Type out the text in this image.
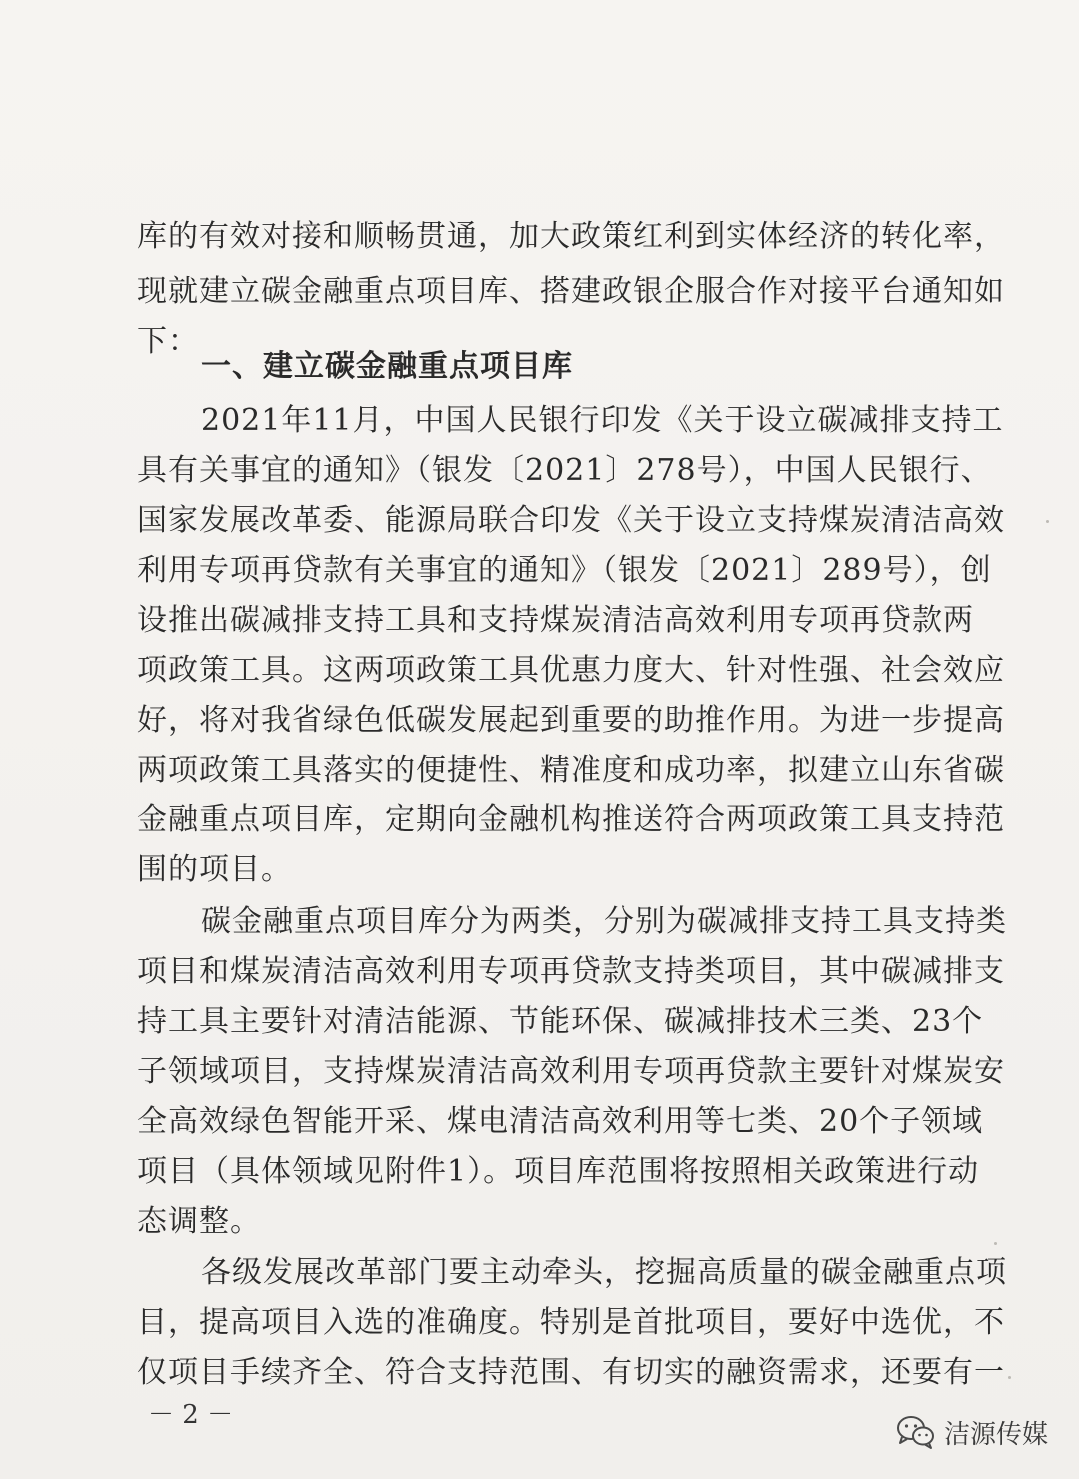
库的有效对接和顺畅贯通，加大政策红利到实体经济的转化率，
现就建立碳金融重点项目库、搭建政银企服合作对接平台通知如
下：
一、建立碳金融重点项目库
2021年11月，中国人民银行印发《关于设立碳减排支持工
具有关事宜的通知》（银发〔2021〕278号），中国人民银行、
国家发展改革委、能源局联合印发《关于设立支持煤炭清洁高效
利用专项再贷款有关事宜的通知》（银发〔2021〕289号），创
设推出碳减排支持工具和支持煤炭清洁高效利用专项再贷款两
项政策工具。这两项政策工具优惠力度大、针对性强、社会效应
好，将对我省绿色低碳发展起到重要的助推作用。为进一步提高
两项政策工具落实的便捷性、精准度和成功率，拟建立山东省碳
金融重点项目库，定期向金融机构推送符合两项政策工具支持范
围的项目。
碳金融重点项目库分为两类，分别为碳减排支持工具支持类
项目和煤炭清洁高效利用专项再贷款支持类项目，其中碳减排支
持工具主要针对清洁能源、节能环保、碳减排技术三类、23个
子领域项目，支持煤炭清洁高效利用专项再贷款主要针对煤炭安
全高效绿色智能开采、煤电清洁高效利用等七类、20个子领域
项目（具体领域见附件1）。项目库范围将按照相关政策进行动
态调整。
各级发展改革部门要主动牵头，挖掘高质量的碳金融重点项
目，提高项目入选的准确度。特别是首批项目，要好中选优，不
仅项目手续齐全、符合支持范围、有切实的融资需求，还要有一
－ 2 －
洁源传媒
